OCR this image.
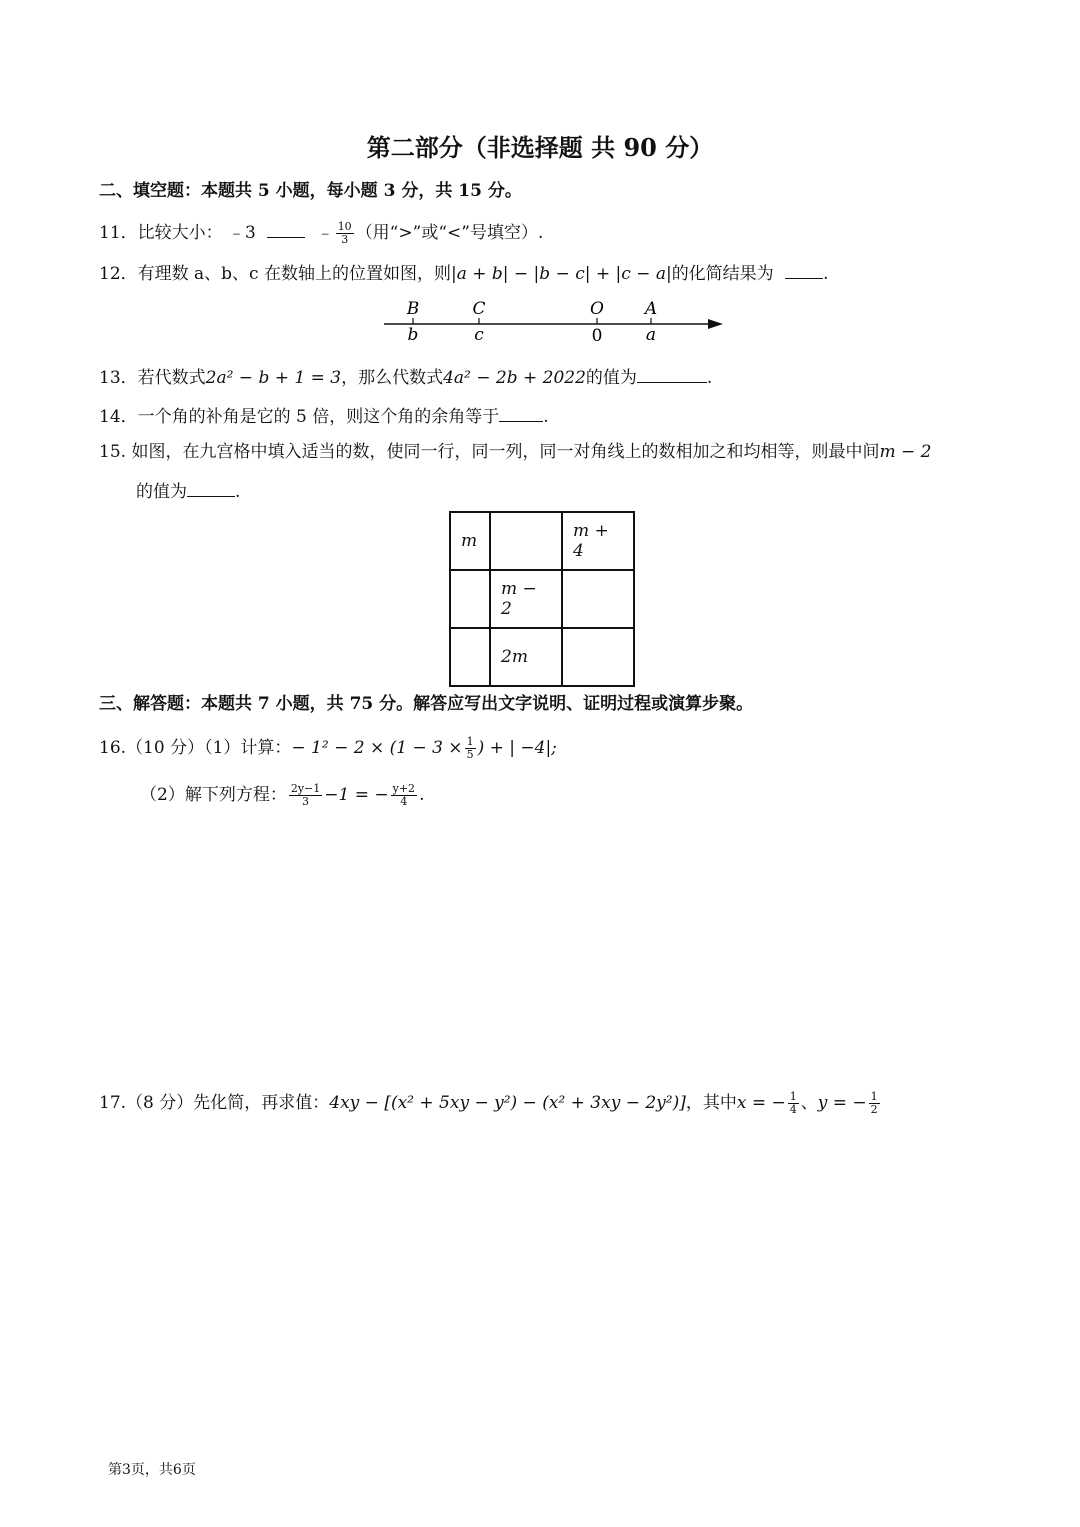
第二部分（非选择题 共 90 分）
二、填空题：本题共 5 小题，每小题 3 分，共 15 分。
11．比较大小： ﹣3	﹣ $\frac{10}{3}$ （用“>”或“<”号填空）.
12．有理数 a、b、c 在数轴上的位置如图，则|a + b| − |b − c| + |c − a|的化简结果为	.
B	C	O A
b	c	0	a
13．若代数式2a² − b + 1 = 3，那么代数式4a² − 2b + 2022的值为	.
14．一个角的补角是它的 5 倍，则这个角的余角等于	.
15. 如图，在九宫格中填入适当的数，使同一行，同一列，同一对角线上的数相加之和均相等，则最中间m − 2
的值为	.
m		m + 4
	m − 2	
	2m	
三、解答题：本题共 7 小题，共 75 分。解答应写出文字说明、证明过程或演算步聚。
16.（10 分）（1）计算：− $1^2 - 2 \times (1 - 3 \times \frac{1}{5}$ ) + | −4|;
（2）解下列方程： $\frac{2y-1}{3} -1$ = − $\frac{y+2}{4}$ .
17.（8 分）先化简，再求值：4xy − [(x² + 5xy − y²) − (x² + 3xy − 2y²)]，其中x = − $\frac{1}{4}$ 、y = − $\frac{1}{2}$
第3页，共6页
